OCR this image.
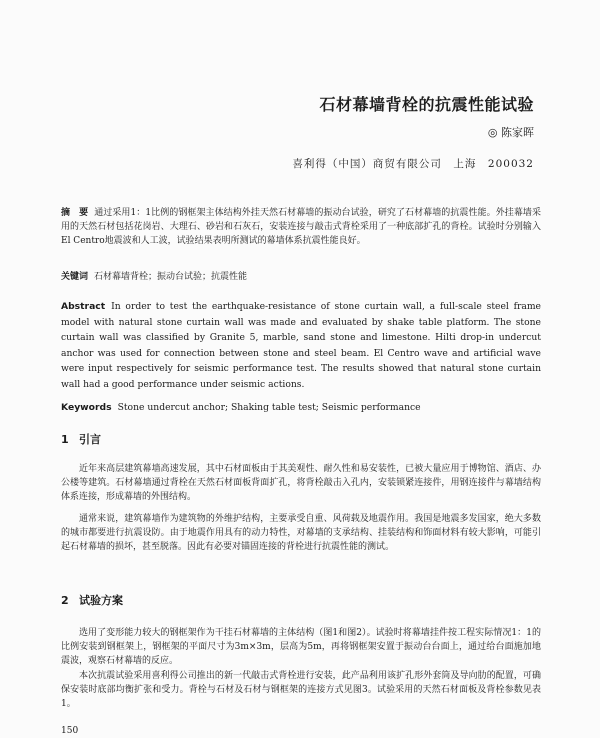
石材幕墙背栓的抗震性能试验
◎ 陈家晖
喜利得（中国）商贸有限公司　上海　200032
摘　要 通过采用1：1比例的钢框架主体结构外挂天然石材幕墙的振动台试验，研究了石材幕墙的抗震性能。外挂幕墙采用的天然石材包括花岗岩、大理石、砂岩和石灰石，安装连接与敲击式背栓采用了一种底部扩孔的背栓。试验时分别输入El Centro地震波和人工波，试验结果表明所测试的幕墙体系抗震性能良好。
关键词 石材幕墙背栓；振动台试验；抗震性能
Abstract In order to test the earthquake-resistance of stone curtain wall, a full-scale steel frame model with natural stone curtain wall was made and evaluated by shake table platform. The stone curtain wall was classified by Granite 5, marble, sand stone and limestone. Hilti drop-in undercut anchor was used for connection between stone and steel beam. El Centro wave and artificial wave were input respectively for seismic performance test. The results showed that natural stone curtain wall had a good performance under seismic actions.
Keywords Stone undercut anchor; Shaking table test; Seismic performance
1 引言
近年来高层建筑幕墙高速发展，其中石材面板由于其美观性、耐久性和易安装性，已被大量应用于博物馆、酒店、办公楼等建筑。石材幕墙通过背栓在天然石材面板背面扩孔，将背栓敲击入孔内，安装锁紧连接件，用钢连接件与幕墙结构体系连接，形成幕墙的外围结构。
通常来说，建筑幕墙作为建筑物的外维护结构，主要承受自重、风荷载及地震作用。我国是地震多发国家，绝大多数的城市都要进行抗震设防。由于地震作用具有的动力特性，对幕墙的支承结构、挂装结构和饰面材料有较大影响，可能引起石材幕墙的损坏，甚至脱落。因此有必要对锚固连接的背栓进行抗震性能的测试。
2 试验方案
选用了变形能力较大的钢框架作为干挂石材幕墙的主体结构（图1和图2）。试验时将幕墙挂件按工程实际情况1：1的比例安装到钢框架上，钢框架的平面尺寸为3m×3m，层高为5m，再将钢框架安置于振动台台面上，通过给台面施加地震波，观察石材幕墙的反应。
本次抗震试验采用喜利得公司推出的新一代敲击式背栓进行安装，此产品利用该扩孔形外套筒及导向肋的配置，可确保安装时底部均衡扩张和受力。背栓与石材及石材与钢框架的连接方式见图3。试验采用的天然石材面板及背栓参数见表1。
150
